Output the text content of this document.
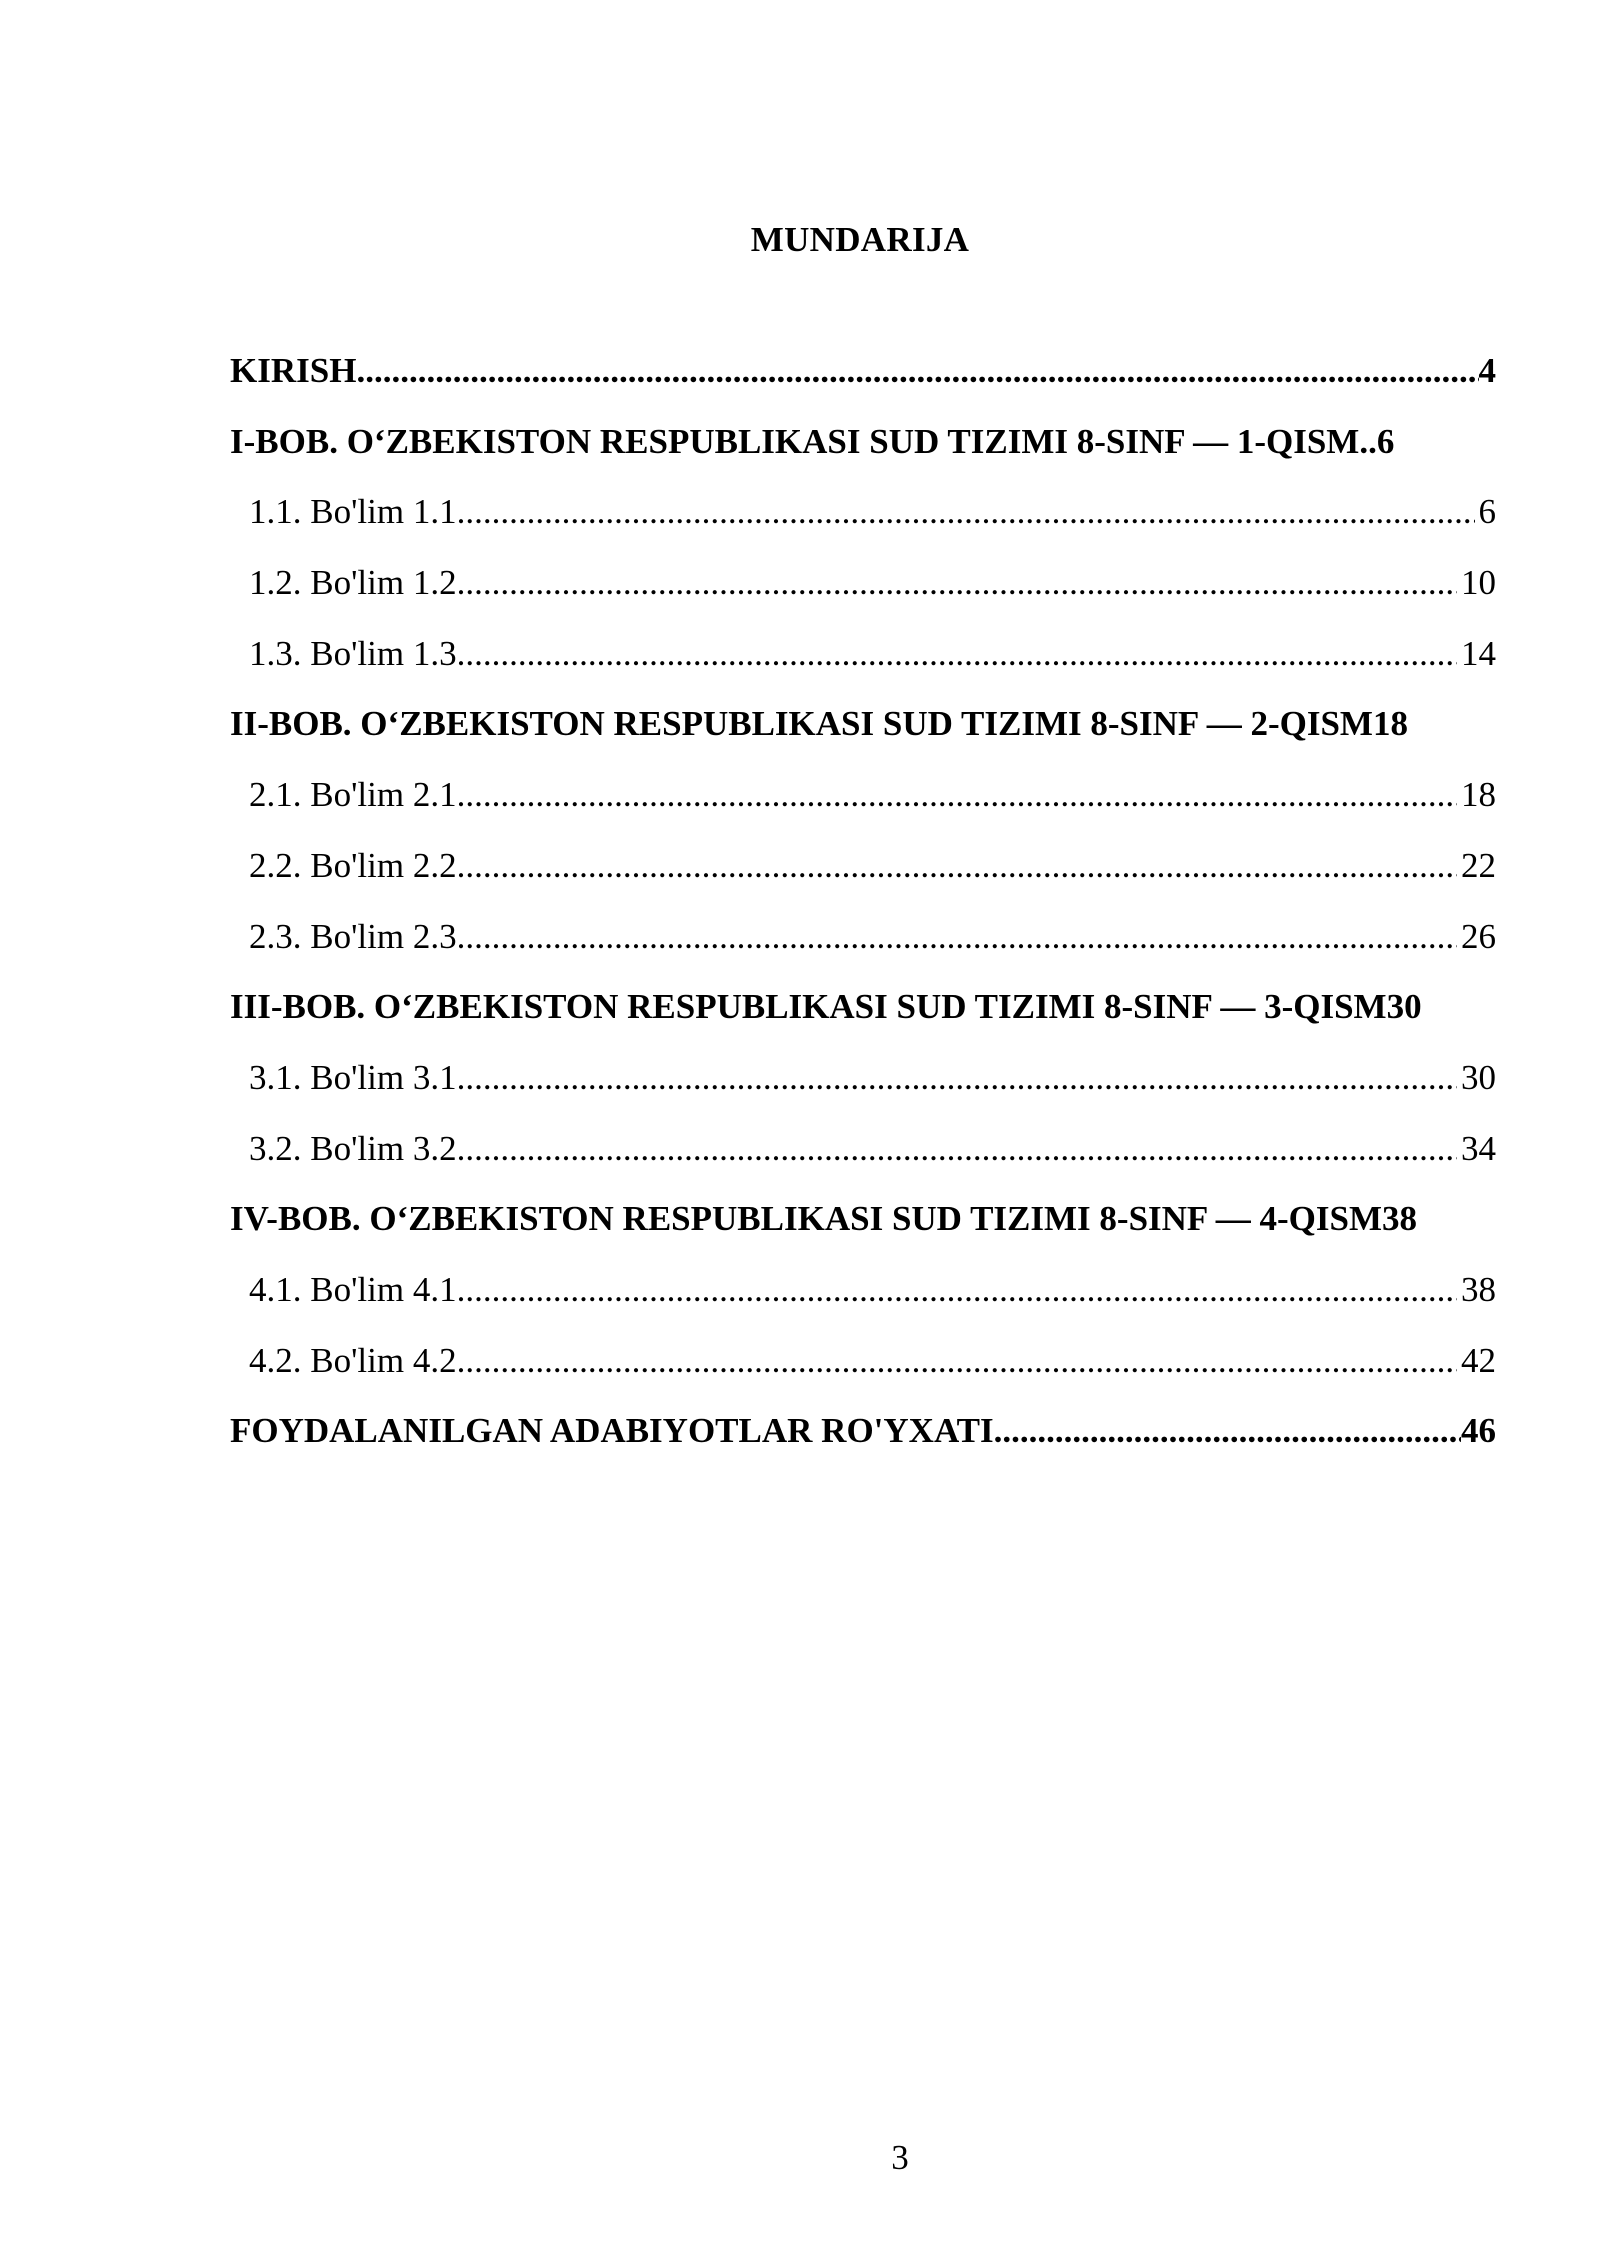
MUNDARIJA
KIRISH .....	4
I-BOB. O‘ZBEKISTON RESPUBLIKASI SUD TIZIMI 8-SINF — 1-QISM .. 6
1.1. Bo'lim 1.1 .....	6
1.2. Bo'lim 1.2 .....	10
1.3. Bo'lim 1.3 .....	14
II-BOB. O‘ZBEKISTON RESPUBLIKASI SUD TIZIMI 8-SINF — 2-QISM 18
2.1. Bo'lim 2.1 .....	18
2.2. Bo'lim 2.2 .....	22
2.3. Bo'lim 2.3 .....	26
III-BOB. O‘ZBEKISTON RESPUBLIKASI SUD TIZIMI 8-SINF — 3-QISM 30
3.1. Bo'lim 3.1 .....	30
3.2. Bo'lim 3.2 .....	34
IV-BOB. O‘ZBEKISTON RESPUBLIKASI SUD TIZIMI 8-SINF — 4-QISM 38
4.1. Bo'lim 4.1 .....	38
4.2. Bo'lim 4.2 .....	42
FOYDALANILGAN ADABIYOTLAR RO'YXATI .....	46
3
